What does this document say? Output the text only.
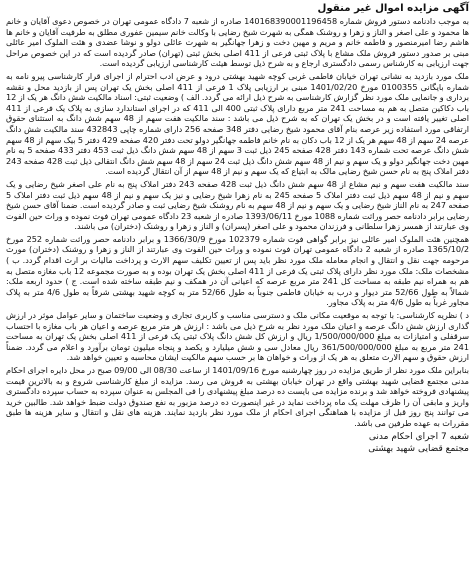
آگهی مزایده اموال غیر منقول
به موجب دادنامه دستور فروش شماره 140168390001196458 صادره از شعبه 7 دادگاه عمومی تهران در خصوص دعوی آقایان و خانم ها محمود و علی اصغر و الناز و زهرا و روشنک همگی به شهرت شیخ رضایی با وکالت خانم سیمین عفوری مطلق به طرفیت آقایان و خانم ها هاشم رضا امیرمنصور و فاطمه خانم و مریم و مهین دخت و زهرا جهانگیر به شهرت عائلی دولو و نوشا عضدی و هئت الملوک امیر عائلی مبنی بر صدور دستور فروش ملک مشاع با پلاک ثبتی فرعی از 411 اصلی بخش ثبتی (تهران) صادر گردیده است که در این خصوص مراحل جهت ارزیابی به کارشناس رسمی دادگستری ارجاع و به شرح ذیل توسط هیئت کارشناسی ارزیابی گردیده است.
ملک مورد بازدید به نشانی تهران خیابان فاطمی غربی کوچه شهید بهشتی درود و عرض ادب احترام از اجرای قرار کارشناسی پیرو نامه به شماره بایگانی 0100355 مورخ 1401/02/20 مبنی بر ارزیابی پلاک 1 فرعی از 411 اصلی بخش یک تهران پس از بازدید محل و نقشه برداری و جانمایی ملک مورد نظر گزارش کارشناسی به شرح ذیل ارائه می گردد. الف ) وضعیت ثبتی: اسناد مالکیت شش دانگ هر یک از 12 باب دکاکین متصل به هم به مساحت 241 متر مربع دارای پلاک ثبتی 400 الی 411 که در اجرای استاندارد سازی به پلاک یک فرعی از 411 اصلی تغییر یافته است و در بخش یک تهران که به شرح ذیل می باشد : سند مالکیت هفت سهم از 48 سهم شش دانگ به استثنای حقوق ارتفاقی مورد استفاده زیر عرصه بنام آقای محمود شیخ رضایی دفتر 348 صفحه 256 دارای شماره چاپی 432843 سند مالکیت شش دانگ عرصه 24 سهم از 48 سهم هر یک از 12 باب دکان به نام خانم فاطمه جهانگیر دولو تحت دفتر 420 صفحه 429 دفتر 5 بیک سهم از 48 سهم شش دانگ عرصه تحت شماره 143 دفتر 428 صفحه 245 ذیل ثبت 3 سهم از 48 سهم شش دانگ ذیل ثبت 453 دفتر 433 صفحه 5 به نام مهین دخت جهانگیر دولو و یک سهم و نیم از 48 سهم شش دانگ ذیل ثبت 24 سهم از 48 سهم شش دانگ انتقالی ذیل ثبت 428 صفحه 243 دفتر املاک پنج به نام حسن شیخ رضایی مالک به ابتیاع که یک سهم و نیم از 48 سهم از آن انتقال گردیده است.
سند مالکیت هفت سهم و نیم مشاع از 48 سهم شش دانگ ذیل ثبت 428 صفحه 243 دفتر املاک پنج به نام علی اصغر شیخ رضایی و یک سهم و نیم از 48 سهم ذیل ثبت دفتر املاک 5 صفحه 245 به نام زهرا شیخ رضایی و نیز یک سهم و نیم از 48 سهم ذیل ثبت دفتر املاک 5 صفحه 247 به نام الناز شیخ رضایی و یک سهم و نیم از 48 سهم به نام روشنک شیخ رضایی ثبت و صادر گردیده است. ضمنا آقای حسن شیخ رضایی برابر دادنامه حصر وراثت شماره 1088 مورخ 1393/06/11 صادره از شعبه 23 دادگاه عمومی تهران فوت نموده و وراث حین الفوت وی عبارتند از همسر زهرا سلطانی و فرزندان محمود و علی اصغر (پسران) و الناز و زهرا و روشنک (دختران) می باشند.
همچنین هئت الملوک امیر عائلی نیز برابر گواهی فوت شماره 102379 مورخ 1366/30/9 و برابر دادنامه حصر وراثت شماره 252 مورخ 1365/10/2 صادره از شعبه 2 دادگاه عمومی تهران فوت نموده و وراث حین الفوت وی عبارتند از الناز و زهرا و روشنک (دختران) مورث مرحومه جهت نقل و انتقال و انجام معامله ملک مورد نظر باید پس از تعیین تکلیف سهم الارث و پرداخت مالیات بر ارث اقدام گردد. ب ) مشخصات ملک: ملک مورد نظر دارای پلاک ثبتی یک فرعی از 411 اصلی بخش یک تهران بوده و به صورت مجموعه 12 باب مغازه متصل به هم به همراه نیم طبقه به مساحت کل 241 متر مربع عرصه که اعیانی آن در همکف و نیم طبقه ساخته شده است. ج ) حدود اربعه ملک: شمالاً به طول 52/66 متر دیوار و درب به خیابان فاطمی جنوباً به طول 52/66 متر به کوچه شهید بهشتی شرقاً به طول 4/6 متر به پلاک مجاور غرباً به طول 4/6 متر به پلاک مجاور.
د ) نظریه کارشناسی: با توجه به موقعیت مکانی ملک و دسترسی مناسب و کاربری تجاری و وضعیت ساختمان و سایر عوامل موثر در ارزش گذاری ارزش شش دانگ عرصه و اعیان ملک مورد نظر به شرح ذیل می باشد : ارزش هر متر مربع عرصه و اعیان هر باب مغازه با احتساب سرقفلی و امتیازات به مبلغ 1/500/000/000 ریال و ارزش کل شش دانگ پلاک ثبتی یک فرعی از 411 اصلی بخش یک تهران به مساحت 241 متر مربع به مبلغ 361/500/000/000 ریال معادل سی و شش میلیارد و یکصد و پنجاه میلیون تومان برآورد و اعلام می گردد. ضمناً ارزش حقوق و سهم الارث متعلق به هر یک از وراث و خواهان ها بر حسب سهم مالکیت ایشان محاسبه و تعیین خواهد شد.
بنابراین ملک مورد نظر از طریق مزایده در روز چهارشنبه مورخ 1401/09/16 از ساعت 08/30 الی 09/00 صبح در محل دایره اجرای احکام مدنی مجتمع قضایی شهید بهشتی واقع در تهران خیابان بهشتی به فروش می رسد. مزایده از مبلغ کارشناسی شروع و به بالاترین قیمت پیشنهادی فروخته خواهد شد و برنده مزایده می بایست ده درصد مبلغ پیشنهادی را فی المجلس به عنوان سپرده به حساب سپرده دادگستری واریز و مابقی آن را ظرف مهلت یک ماه پرداخت نماید در غیر اینصورت ده درصد مزبور به نفع صندوق دولت ضبط خواهد شد. طالبین خرید می توانند پنج روز قبل از مزایده با هماهنگی اجرای احکام از ملک مورد نظر بازدید نمایند. هزینه های نقل و انتقال و سایر هزینه ها طبق مقررات به عهده طرفین می باشد.
شعبه 7 اجرای احکام مدنی
مجتمع قضایی شهید بهشتی
